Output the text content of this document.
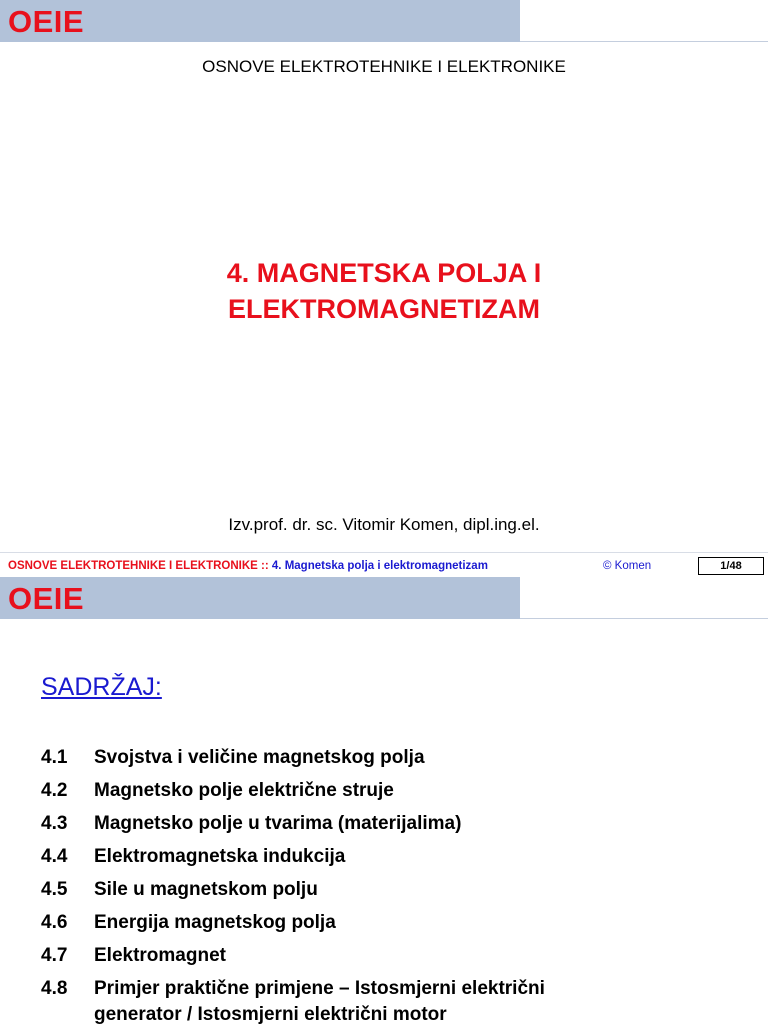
OEIE
OSNOVE ELEKTROTEHNIKE I ELEKTRONIKE
4. MAGNETSKA POLJA I
ELEKTROMAGNETIZAM
Izv.prof. dr. sc. Vitomir Komen, dipl.ing.el.
OSNOVE ELEKTROTEHNIKE I ELEKTRONIKE :: 4. Magnetska polja i elektromagnetizam	© Komen	1/48
OEIE
SADRŽAJ:
4.1	Svojstva i veličine magnetskog polja
4.2	Magnetsko polje električne struje
4.3	Magnetsko polje u tvarima (materijalima)
4.4	Elektromagnetska indukcija
4.5	Sile u magnetskom polju
4.6	Energija magnetskog polja
4.7	Elektromagnet
4.8	Primjer praktične primjene – Istosmjerni električni generator / Istosmjerni električni motor
